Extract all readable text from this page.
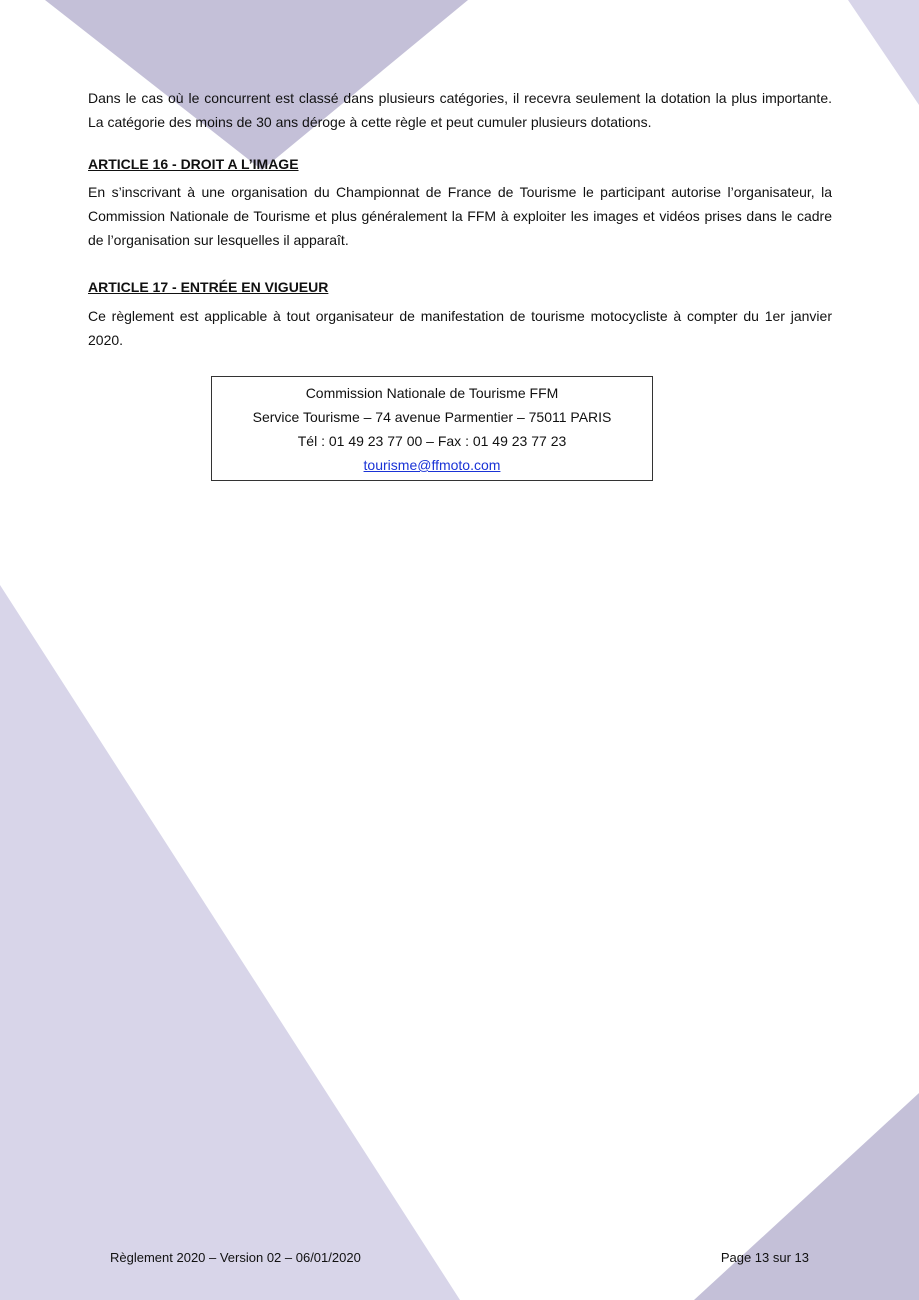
Dans le cas où le concurrent est classé dans plusieurs catégories, il recevra seulement la dotation la plus importante. La catégorie des moins de 30 ans déroge à cette règle et peut cumuler plusieurs dotations.

ARTICLE 16 - DROIT A L’IMAGE

En s’inscrivant à une organisation du Championnat de France de Tourisme le participant autorise l’organisateur, la Commission Nationale de Tourisme et plus généralement la FFM à exploiter les images et vidéos prises dans le cadre de l’organisation sur lesquelles il apparaît.

ARTICLE 17 - ENTRÉE EN VIGUEUR

Ce règlement est applicable à tout organisateur de manifestation de tourisme motocycliste à compter du 1er janvier 2020.

Commission Nationale de Tourisme FFM
Service Tourisme – 74 avenue Parmentier – 75011 PARIS
Tél : 01 49 23 77 00 – Fax : 01 49 23 77 23
tourisme@ffmoto.com
Règlement 2020 – Version 02 – 06/01/2020	Page 13 sur 13
